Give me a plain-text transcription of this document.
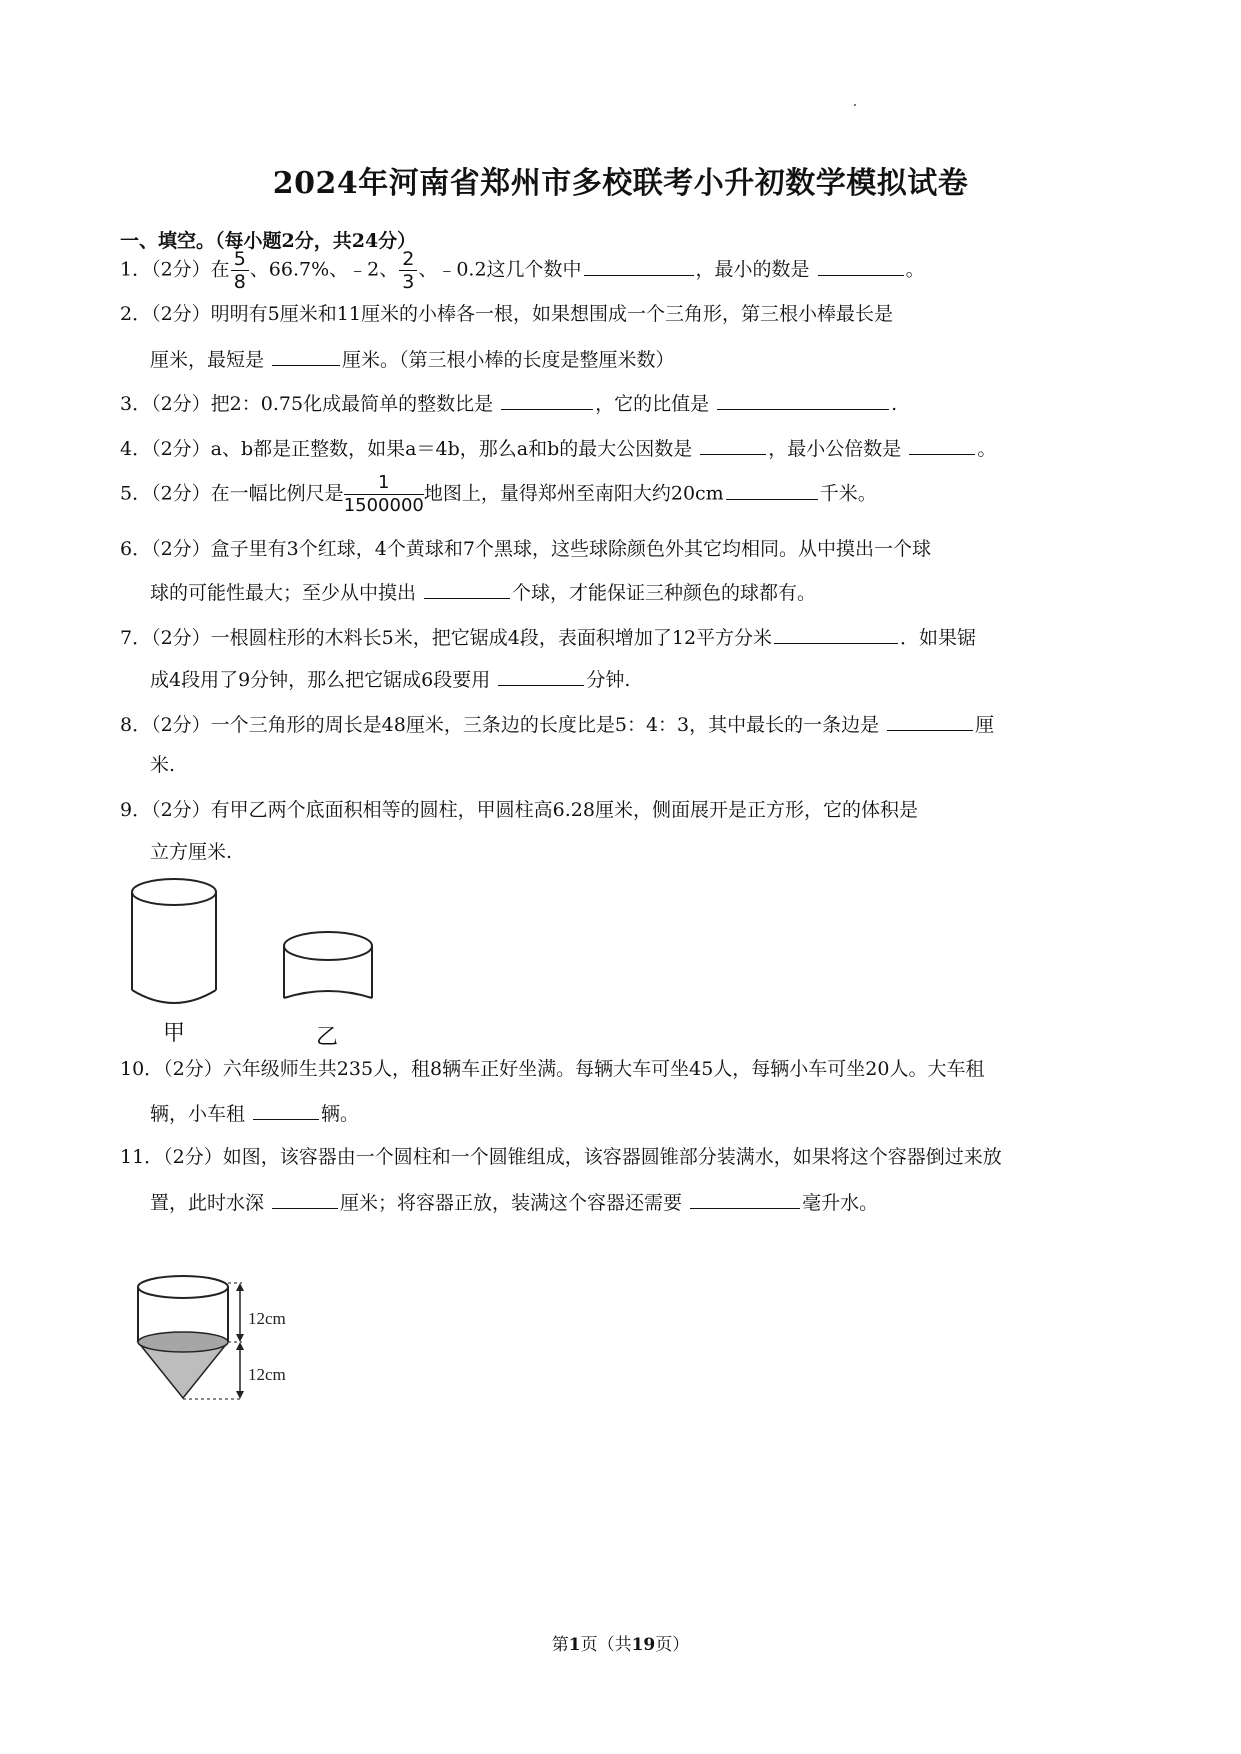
2024年河南省郑州市多校联考小升初数学模拟试卷
一、填空。（每小题2分，共24分）
1．（2分）在 $\frac{5}{8}$ 、66.7%、﹣2、 $\frac{2}{3}$ 、﹣0.2这几个数中	，最小的数是	。
2．（2分）明明有5厘米和11厘米的小棒各一根，如果想围成一个三角形，第三根小棒最长是
厘米，最短是	厘米。（第三根小棒的长度是整厘米数）
3．（2分）把2：0.75化成最简单的整数比是	，它的比值是	.
4．（2分）a、b都是正整数，如果a＝4b，那么a和b的最大公因数是	，最小公倍数是	。
5．（2分）在一幅比例尺是 $\frac{1}{1500000}$ 地图上，量得郑州至南阳大约20cm	千米。
6．（2分）盒子里有3个红球，4个黄球和7个黑球，这些球除颜色外其它均相同。从中摸出一个球
球的可能性最大；至少从中摸出	个球，才能保证三种颜色的球都有。
7．（2分）一根圆柱形的木料长5米，把它锯成4段，表面积增加了12平方分米	．如果锯
成4段用了9分钟，那么把它锯成6段要用	分钟.
8．（2分）一个三角形的周长是48厘米，三条边的长度比是5：4：3，其中最长的一条边是	厘
米.
9．（2分）有甲乙两个底面积相等的圆柱，甲圆柱高6.28厘米，侧面展开是正方形，它的体积是
立方厘米.
甲	乙
10．（2分）六年级师生共235人，租8辆车正好坐满。每辆大车可坐45人，每辆小车可坐20人。大车租
辆，小车租	辆。
11．（2分）如图，该容器由一个圆柱和一个圆锥组成，该容器圆锥部分装满水，如果将这个容器倒过来放
置，此时水深	厘米；将容器正放，装满这个容器还需要	毫升水。
12cm
12cm
第1页（共19页）
